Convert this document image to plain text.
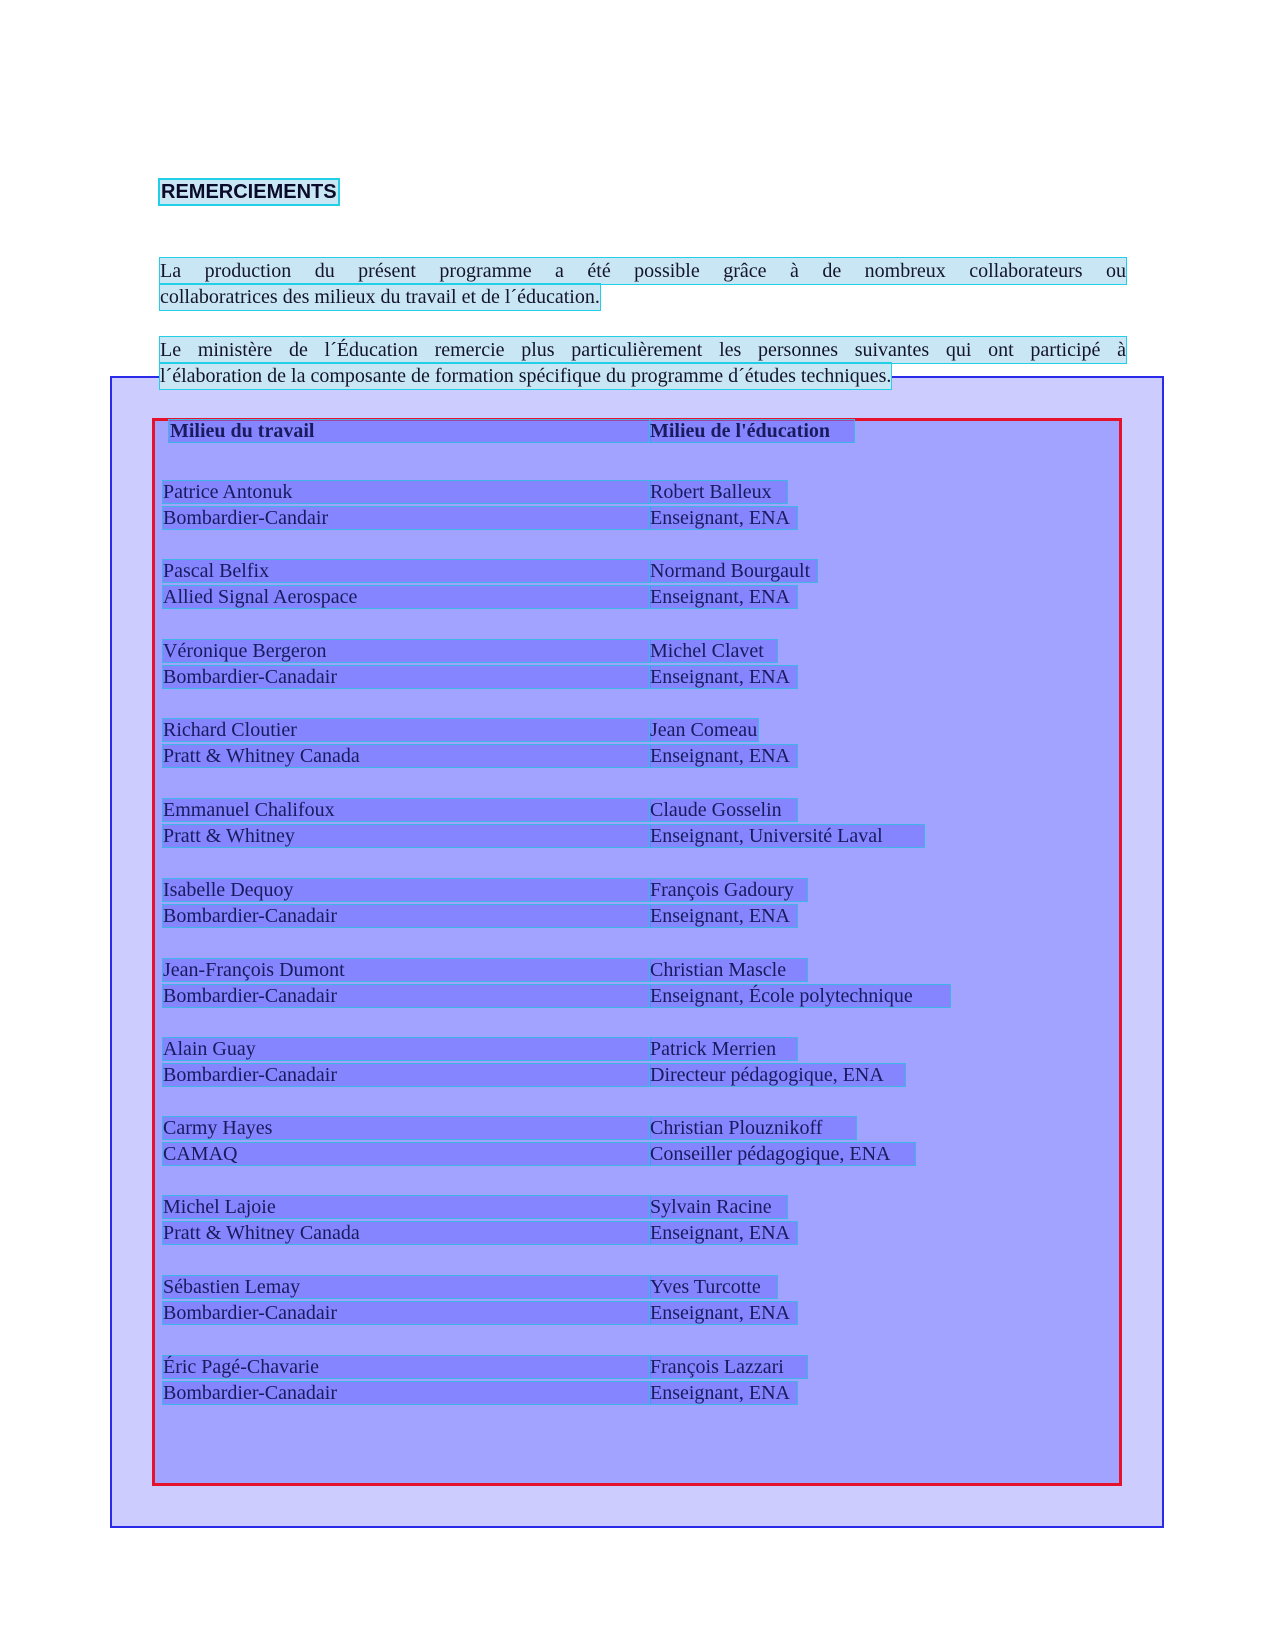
REMERCIEMENTS
La production du présent programme a été possible grâce à de nombreux collaborateurs ou
collaboratrices des milieux du travail et de l´éducation.
Le ministère de l´Éducation remercie plus particulièrement les personnes suivantes qui ont participé à
l´élaboration de la composante de formation spécifique du programme d´études techniques.
Milieu du travail	Milieu de l'éducation
Patrice Antonuk	Robert Balleux
Bombardier-Candair	Enseignant, ENA
Pascal Belfix	Normand Bourgault
Allied Signal Aerospace	Enseignant, ENA
Véronique Bergeron	Michel Clavet
Bombardier-Canadair	Enseignant, ENA
Richard Cloutier	Jean Comeau
Pratt & Whitney Canada	Enseignant, ENA
Emmanuel Chalifoux	Claude Gosselin
Pratt & Whitney	Enseignant, Université Laval
Isabelle Dequoy	François Gadoury
Bombardier-Canadair	Enseignant, ENA
Jean-François Dumont	Christian Mascle
Bombardier-Canadair	Enseignant, École polytechnique
Alain Guay	Patrick Merrien
Bombardier-Canadair	Directeur pédagogique, ENA
Carmy Hayes	Christian Plouznikoff
CAMAQ	Conseiller pédagogique, ENA
Michel Lajoie	Sylvain Racine
Pratt & Whitney Canada	Enseignant, ENA
Sébastien Lemay	Yves Turcotte
Bombardier-Canadair	Enseignant, ENA
Éric Pagé-Chavarie	François Lazzari
Bombardier-Canadair	Enseignant, ENA
